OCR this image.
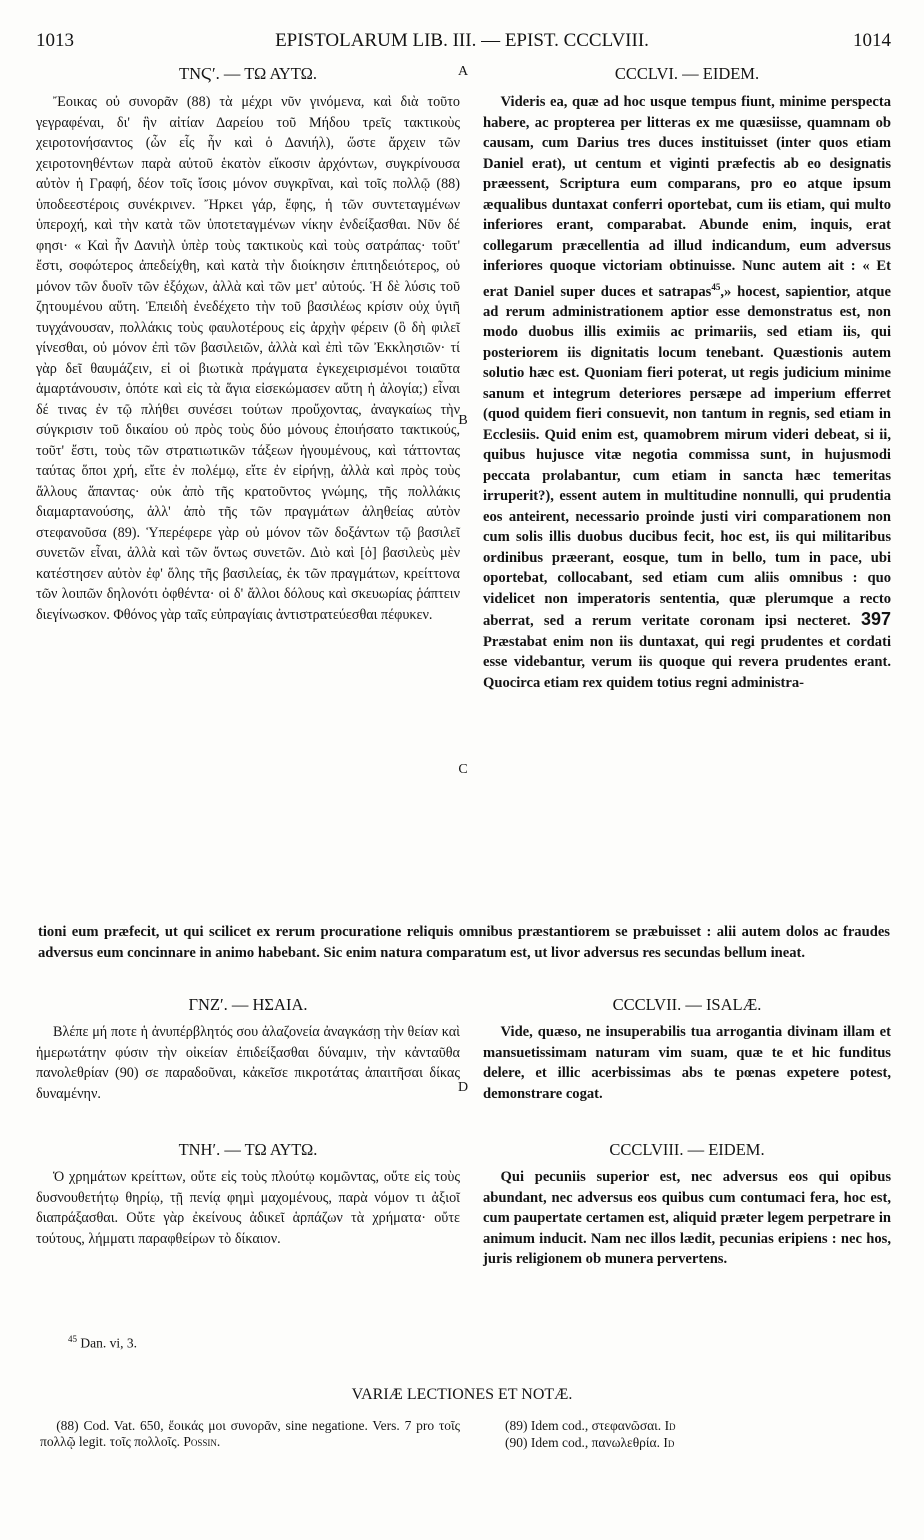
1013	EPISTOLARUM LIB. III. — EPIST. CCCLVIII.	1014
A
B
C
D
ΤΝϚʹ. — ΤΩ ΑΥΤΩ.	CCCLVI. — EIDEM.
Ἔοικας οὐ συνορᾶν (88) τὰ μέχρι νῦν γινόμενα, καὶ διὰ τοῦτο γεγραφέναι, δι' ἣν αἰτίαν Δαρείου τοῦ Μήδου τρεῖς τακτικοὺς χειροτονήσαντος (ὧν εἷς ἦν καὶ ὁ Δανιήλ), ὥστε ἄρχειν τῶν χειροτονηθέντων παρὰ αὐτοῦ ἑκατὸν εἴκοσιν ἀρχόντων, συγκρίνουσα αὐτὸν ἡ Γραφή, δέον τοῖς ἴσοις μόνον συγκρῖναι, καὶ τοῖς πολλῷ (88) ὑποδεεστέροις συνέκρινεν. Ἤρκει γάρ, ἔφης, ἡ τῶν συντεταγμένων ὑπεροχή, καὶ τὴν κατὰ τῶν ὑποτεταγμένων νίκην ἐνδείξασθαι. Νῦν δέ φησι· « Καὶ ἦν Δανιὴλ ὑπὲρ τοὺς τακτικοὺς καὶ τοὺς σατράπας· τοῦτ' ἔστι, σοφώτερος ἀπεδείχθη, καὶ κατὰ τὴν διοίκησιν ἐπιτηδειότερος, οὐ μόνον τῶν δυοῖν τῶν ἐξόχων, ἀλλὰ καὶ τῶν μετ' αὐτούς. Ἡ δὲ λύσις τοῦ ζητουμένου αὕτη. Ἐπειδὴ ἐνεδέχετο τὴν τοῦ βασιλέως κρίσιν οὐχ ὑγιῆ τυγχάνουσαν, πολλάκις τοὺς φαυλοτέρους εἰς ἀρχὴν φέρειν (ὃ δὴ φιλεῖ γίνεσθαι, οὐ μόνον ἐπὶ τῶν βασιλειῶν, ἀλλὰ καὶ ἐπὶ τῶν Ἐκκλησιῶν· τί γὰρ δεῖ θαυμάζειν, εἰ οἱ βιωτικὰ πράγματα ἐγκεχειρισμένοι τοιαῦτα ἁμαρτάνουσιν, ὁπότε καὶ εἰς τὰ ἅγια εἰσεκώμασεν αὕτη ἡ ἀλογία;) εἶναι δέ τινας ἐν τῷ πλήθει συνέσει τούτων προὔχοντας, ἀναγκαίως τὴν σύγκρισιν τοῦ δικαίου οὐ πρὸς τοὺς δύο μόνους ἐποιήσατο τακτικούς, τοῦτ' ἔστι, τοὺς τῶν στρατιωτικῶν τάξεων ἡγουμένους, καὶ τάττοντας ταύτας ὅποι χρή, εἴτε ἐν πολέμῳ, εἴτε ἐν εἰρήνῃ, ἀλλὰ καὶ πρὸς τοὺς ἄλλους ἅπαντας· οὐκ ἀπὸ τῆς κρατοῦντος γνώμης, τῆς πολλάκις διαμαρτανούσης, ἀλλ' ἀπὸ τῆς τῶν πραγμάτων ἀληθείας αὐτὸν στεφανοῦσα (89). Ὑπερέφερε γὰρ οὐ μόνον τῶν δοξάντων τῷ βασιλεῖ συνετῶν εἶναι, ἀλλὰ καὶ τῶν ὄντως συνετῶν. Διὸ καὶ [ὁ] βασιλεὺς μὲν κατέστησεν αὐτὸν ἐφ' ὅλης τῆς βασιλείας, ἐκ τῶν πραγμάτων, κρείττονα τῶν λοιπῶν δηλονότι ὀφθέντα· οἱ δ' ἄλλοι δόλους καὶ σκευωρίας ῥάπτειν διεγίνωσκον. Φθόνος γὰρ ταῖς εὐπραγίαις ἀντιστρατεύεσθαι πέφυκεν.
Videris ea, quæ ad hoc usque tempus fiunt, minime perspecta habere, ac propterea per litteras ex me quæsiisse, quamnam ob causam, cum Darius tres duces instituisset (inter quos etiam Daniel erat), ut centum et viginti præfectis ab eo designatis præessent, Scriptura eum comparans, pro eo atque ipsum æqualibus duntaxat conferri oportebat, cum iis etiam, qui multo inferiores erant, comparabat. Abunde enim, inquis, erat collegarum præcellentia ad illud indicandum, eum adversus inferiores quoque victoriam obtinuisse. Nunc autem ait : « Et erat Daniel super duces et satrapas$^{45}$,» hocest, sapientior, atque ad rerum administrationem aptior esse demonstratus est, non modo duobus illis eximiis ac primariis, sed etiam iis, qui posteriorem iis dignitatis locum tenebant. Quæstionis autem solutio hæc est. Quoniam fieri poterat, ut regis judicium minime sanum et integrum deteriores persæpe ad imperium efferret (quod quidem fieri consuevit, non tantum in regnis, sed etiam in Ecclesiis. Quid enim est, quamobrem mirum videri debeat, si ii, quibus hujusce vitæ negotia commissa sunt, in hujusmodi peccata prolabantur, cum etiam in sancta hæc temeritas irruperit?), essent autem in multitudine nonnulli, qui prudentia eos anteirent, necessario proinde justi viri comparationem non cum solis illis duobus ducibus fecit, hoc est, iis qui militaribus ordinibus præerant, eosque, tum in bello, tum in pace, ubi oportebat, collocabant, sed etiam cum aliis omnibus : quo videlicet non imperatoris sententia, quæ plerumque a recto aberrat, sed a rerum veritate coronam ipsi necteret. 397 Præstabat enim non iis duntaxat, qui regi prudentes et cordati esse videbantur, verum iis quoque qui revera prudentes erant. Quocirca etiam rex quidem totius regni administra-
tioni eum præfecit, ut qui scilicet ex rerum procuratione reliquis omnibus præstantiorem se præbuisset : alii autem dolos ac fraudes adversus eum concinnare in animo habebant. Sic enim natura comparatum est, ut livor adversus res secundas bellum ineat.
ΓΝΖʹ. — ΗΣΑΙΑ.	CCCLVII. — ISALÆ.
Βλέπε μή ποτε ἡ ἀνυπέρβλητός σου ἀλαζονεία ἀναγκάσῃ τὴν θείαν καὶ ἡμερωτάτην φύσιν τὴν οἰκείαν ἐπιδείξασθαι δύναμιν, τὴν κἀνταῦθα πανολεθρίαν (90) σε παραδοῦναι, κἀκεῖσε πικροτάτας ἀπαιτῆσαι δίκας δυναμένην.
Vide, quæso, ne insuperabilis tua arrogantia divinam illam et mansuetissimam naturam vim suam, quæ te et hic funditus delere, et illic acerbissimas abs te pœnas expetere potest, demonstrare cogat.
ΤΝΗʹ. — ΤΩ ΑΥΤΩ.	CCCLVIII. — EIDEM.
Ὁ χρημάτων κρείττων, οὔτε εἰς τοὺς πλούτῳ κομῶντας, οὔτε εἰς τοὺς δυσνουθετήτῳ θηρίῳ, τῇ πενίᾳ φημὶ μαχομένους, παρὰ νόμον τι ἀξιοῖ διαπράξασθαι. Οὔτε γὰρ ἐκείνους ἀδικεῖ ἁρπάζων τὰ χρήματα· οὔτε τούτους, λήμματι παραφθείρων τὸ δίκαιον.
Qui pecuniis superior est, nec adversus eos qui opibus abundant, nec adversus eos quibus cum contumaci fera, hoc est, cum paupertate certamen est, aliquid præter legem perpetrare in animum inducit. Nam nec illos lædit, pecunias eripiens : nec hos, juris religionem ob munera pervertens.
$^{45}$ Dan. vi, 3.
VARIÆ LECTIONES ET NOTÆ.
(88) Cod. Vat. 650, ἔοικάς μοι συνορᾶν, sine negatione. Vers. 7 pro τοῖς πολλῷ legit. τοῖς πολλοῖς. Possin.
(89) Idem cod., στεφανῶσαι. Id
(90) Idem cod., πανωλεθρία. Id
